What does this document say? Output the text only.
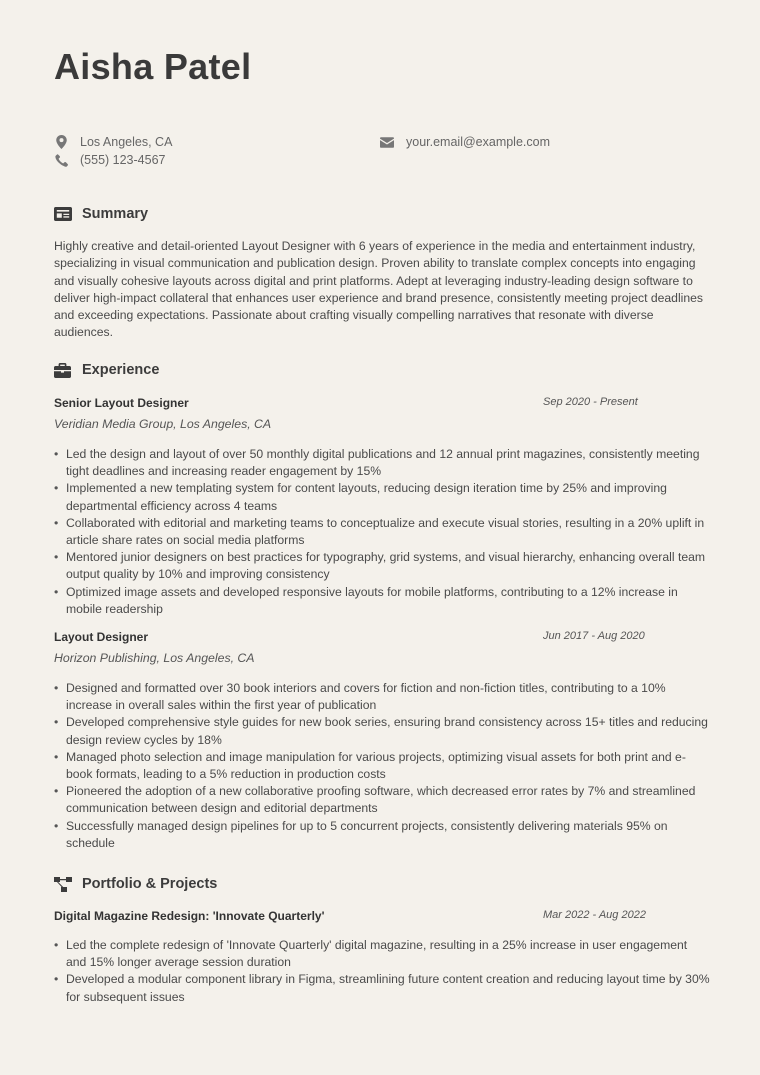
Aisha Patel
Los Angeles, CA
(555) 123-4567
your.email@example.com
Summary

Highly creative and detail-oriented Layout Designer with 6 years of experience in the media and entertainment industry, specializing in visual communication and publication design. Proven ability to translate complex concepts into engaging and visually cohesive layouts across digital and print platforms. Adept at leveraging industry-leading design software to deliver high-impact collateral that enhances user experience and brand presence, consistently meeting project deadlines and exceeding expectations. Passionate about crafting visually compelling narratives that resonate with diverse audiences.

Experience
Senior Layout Designer	Sep 2020 - Present
Veridian Media Group, Los Angeles, CA
• Led the design and layout of over 50 monthly digital publications and 12 annual print magazines, consistently meeting tight deadlines and increasing reader engagement by 15%
• Implemented a new templating system for content layouts, reducing design iteration time by 25% and improving departmental efficiency across 4 teams
• Collaborated with editorial and marketing teams to conceptualize and execute visual stories, resulting in a 20% uplift in article share rates on social media platforms
• Mentored junior designers on best practices for typography, grid systems, and visual hierarchy, enhancing overall team output quality by 10% and improving consistency
• Optimized image assets and developed responsive layouts for mobile platforms, contributing to a 12% increase in mobile readership
Layout Designer	Jun 2017 - Aug 2020
Horizon Publishing, Los Angeles, CA
• Designed and formatted over 30 book interiors and covers for fiction and non-fiction titles, contributing to a 10% increase in overall sales within the first year of publication
• Developed comprehensive style guides for new book series, ensuring brand consistency across 15+ titles and reducing design review cycles by 18%
• Managed photo selection and image manipulation for various projects, optimizing visual assets for both print and e-book formats, leading to a 5% reduction in production costs
• Pioneered the adoption of a new collaborative proofing software, which decreased error rates by 7% and streamlined communication between design and editorial departments
• Successfully managed design pipelines for up to 5 concurrent projects, consistently delivering materials 95% on schedule
Portfolio & Projects
Digital Magazine Redesign: 'Innovate Quarterly'	Mar 2022 - Aug 2022
• Led the complete redesign of 'Innovate Quarterly' digital magazine, resulting in a 25% increase in user engagement and 15% longer average session duration
• Developed a modular component library in Figma, streamlining future content creation and reducing layout time by 30% for subsequent issues
